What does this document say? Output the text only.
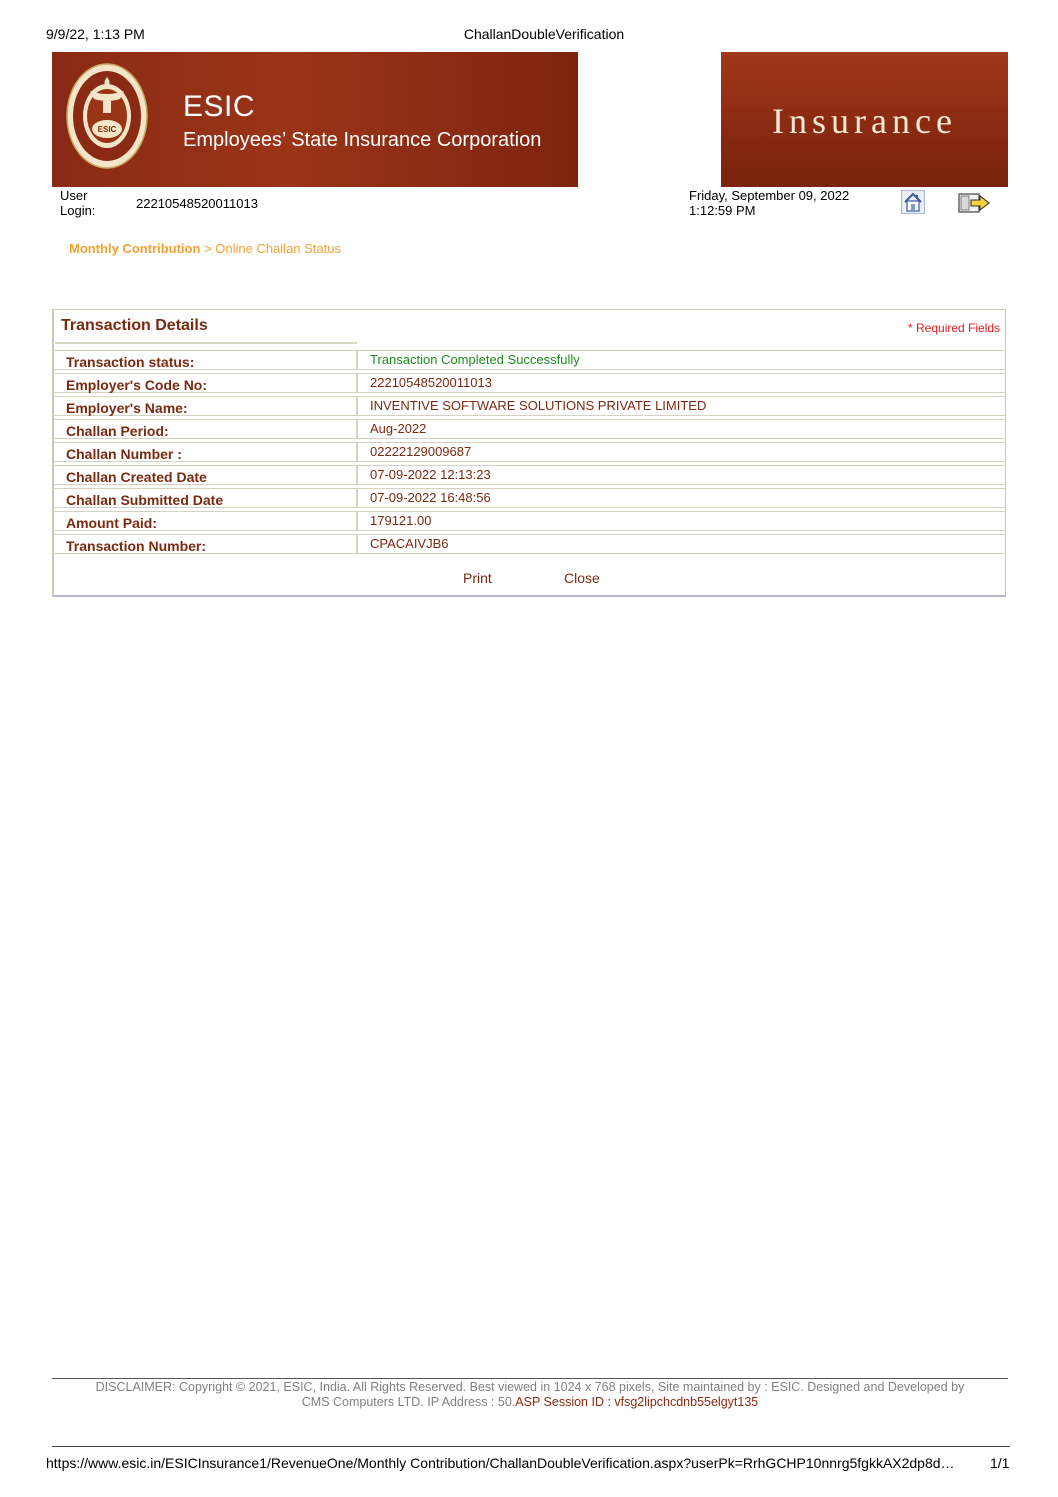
9/9/22, 1:13 PM	ChallanDoubleVerification
ESIC
ESIC
Employees’ State Insurance Corporation	Insurance
User
Login:	22210548520011013
Friday, September 09, 2022
1:12:59 PM
Monthly Contribution > Online Challan Status
Transaction Details	* Required Fields
Transaction status:	Transaction Completed Successfully
Employer's Code No:	22210548520011013
Employer's Name:	INVENTIVE SOFTWARE SOLUTIONS PRIVATE LIMITED
Challan Period:	Aug-2022
Challan Number :	02222129009687
Challan Created Date	07-09-2022 12:13:23
Challan Submitted Date	07-09-2022 16:48:56
Amount Paid:	179121.00
Transaction Number:	CPACAIVJB6
Print	Close
DISCLAIMER: Copyright © 2021, ESIC, India. All Rights Reserved. Best viewed in 1024 x 768 pixels, Site maintained by : ESIC. Designed and Developed by
CMS Computers LTD. IP Address : 50.ASP Session ID : vfsg2lipchcdnb55elgyt135
https://www.esic.in/ESICInsurance1/RevenueOne/Monthly Contribution/ChallanDoubleVerification.aspx?userPk=RrhGCHP10nnrg5fgkkAX2dp8d…	1/1
